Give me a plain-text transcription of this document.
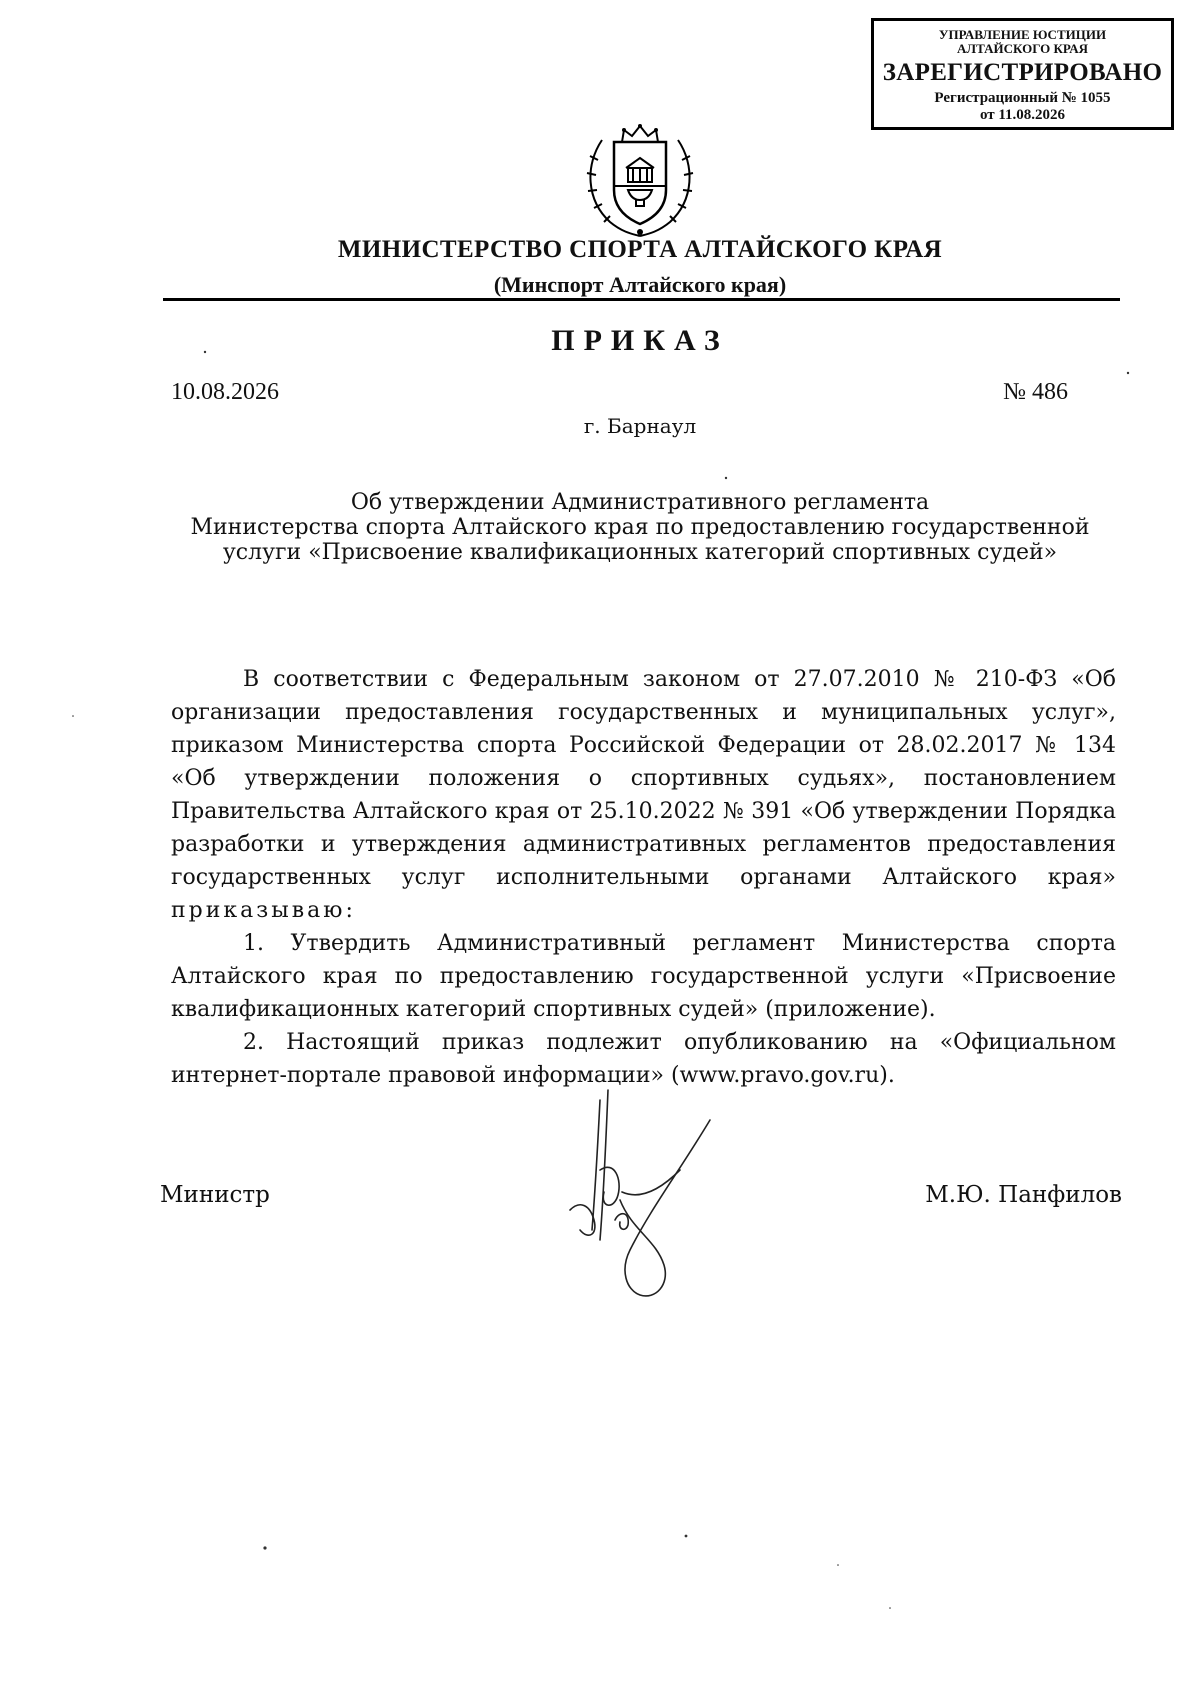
УПРАВЛЕНИЕ ЮСТИЦИИ
АЛТАЙСКОГО КРАЯ
ЗАРЕГИСТРИРОВАНО
Регистрационный № 1055
от 11.08.2026
МИНИСТЕРСТВО СПОРТА АЛТАЙСКОГО КРАЯ
(Минспорт Алтайского края)
ПРИКАЗ
10.08.2026	№ 486
г. Барнаул
Об утверждении Административного регламента
Министерства спорта Алтайского края по предоставлению государственной
услуги «Присвоение квалификационных категорий спортивных судей»

В соответствии с Федеральным законом от 27.07.2010 № 210-ФЗ «Об организации предоставления государственных и муниципальных услуг», приказом Министерства спорта Российской Федерации от 28.02.2017 № 134 «Об утверждении положения о спортивных судьях», постановлением Правительства Алтайского края от 25.10.2022 № 391 «Об утверждении Порядка разработки и утверждения административных регламентов предоставления государственных услуг исполнительными органами Алтайского края» приказываю:

1. Утвердить Административный регламент Министерства спорта Алтайского края по предоставлению государственной услуги «Присвоение квалификационных категорий спортивных судей» (приложение).

2. Настоящий приказ подлежит опубликованию на «Официальном интернет-портале правовой информации» (www.pravo.gov.ru).

Министр	М.Ю. Панфилов
